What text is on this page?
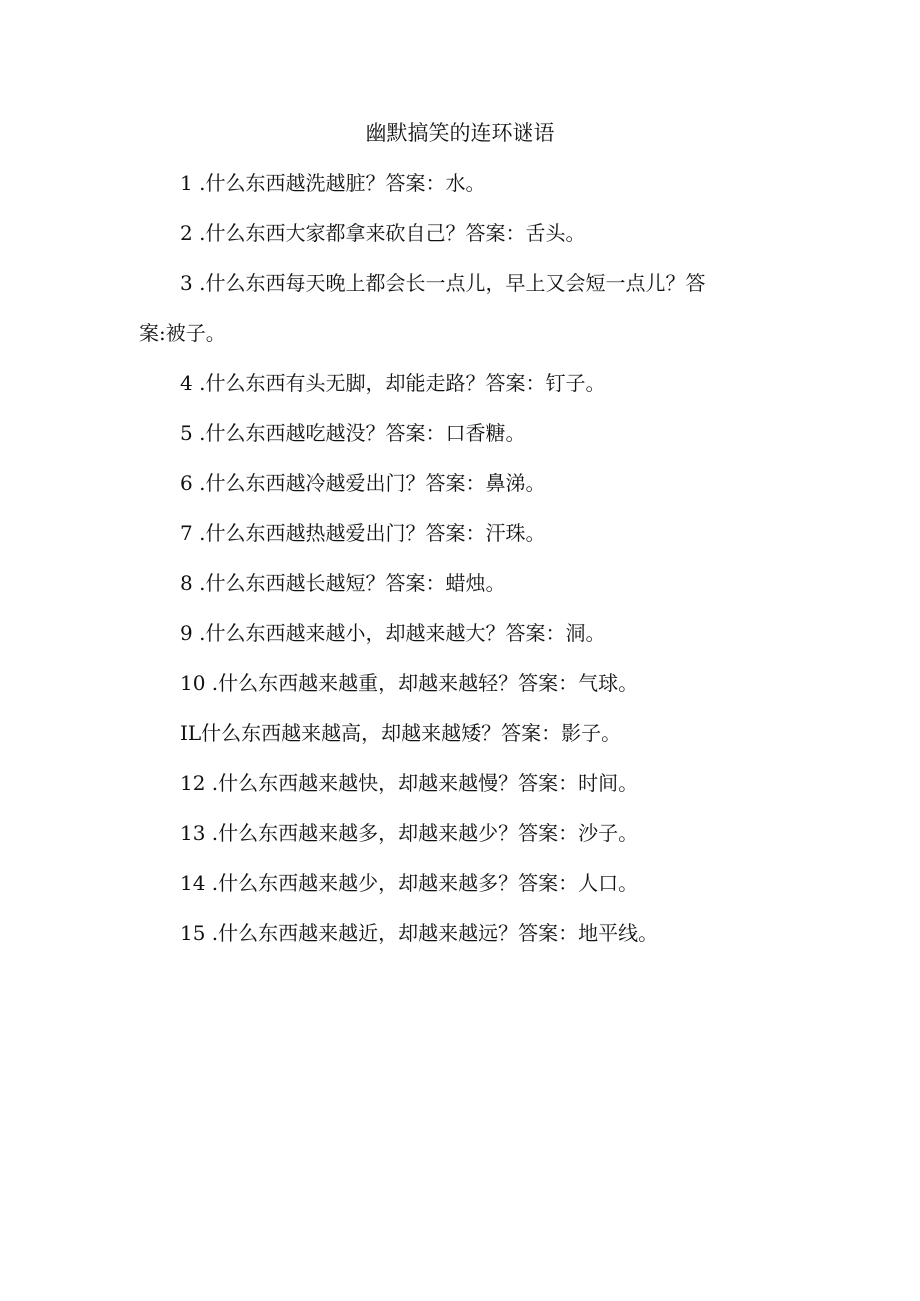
幽默搞笑的连环谜语
1 .什么东西越洗越脏？答案：水。
2 .什么东西大家都拿来砍自己？答案：舌头。
3 .什么东西每天晚上都会长一点儿，早上又会短一点儿？答
案:被子。
4 .什么东西有头无脚，却能走路？答案：钉子。
5 .什么东西越吃越没？答案：口香糖。
6 .什么东西越冷越爱出门？答案：鼻涕。
7 .什么东西越热越爱出门？答案：汗珠。
8 .什么东西越长越短？答案：蜡烛。
9 .什么东西越来越小，却越来越大？答案：洞。
10 .什么东西越来越重，却越来越轻？答案：气球。
IL什么东西越来越高，却越来越矮？答案：影子。
12 .什么东西越来越快，却越来越慢？答案：时间。
13 .什么东西越来越多，却越来越少？答案：沙子。
14 .什么东西越来越少，却越来越多？答案：人口。
15 .什么东西越来越近，却越来越远？答案：地平线。
